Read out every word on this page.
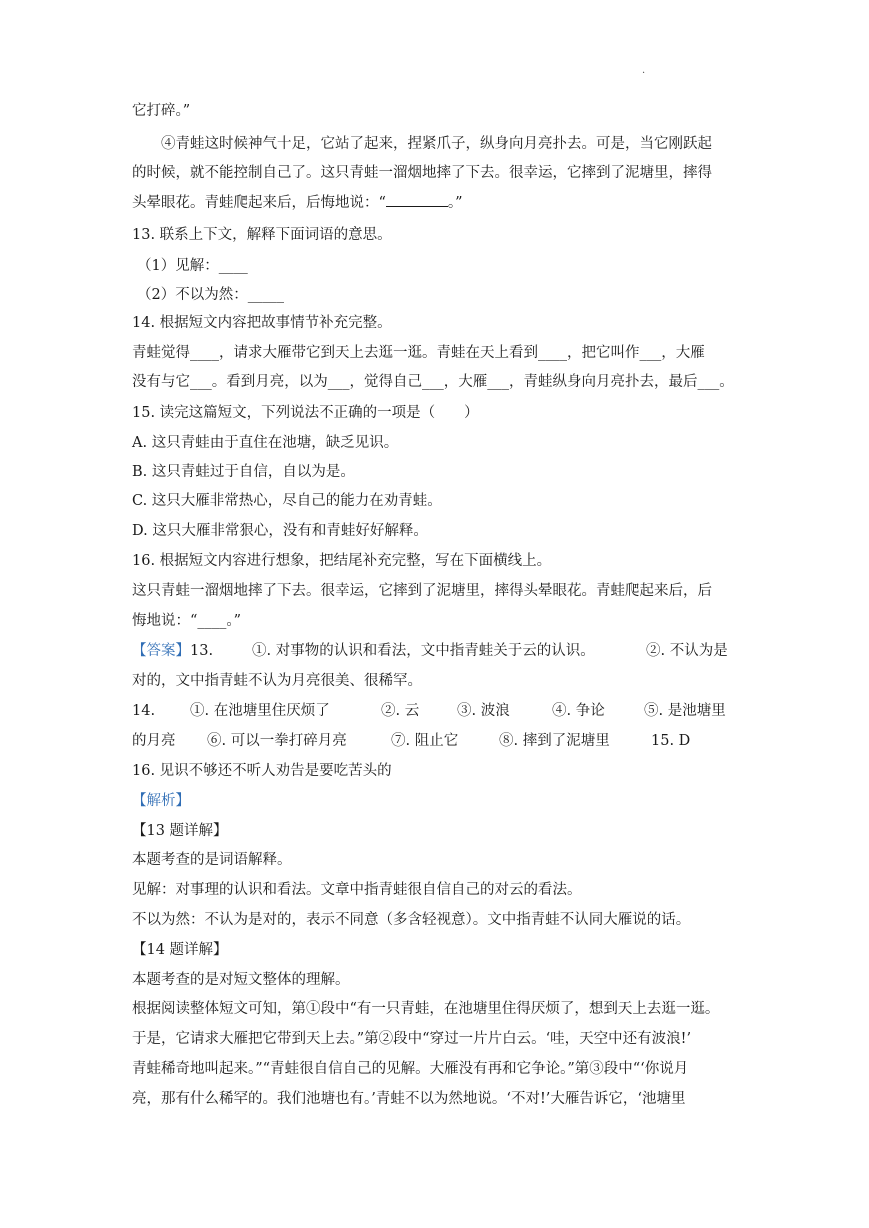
·
它打碎。”
④青蛙这时候神气十足，它站了起来，捏紧爪子，纵身向月亮扑去。可是，当它刚跃起
的时候，就不能控制自己了。这只青蛙一溜烟地摔了下去。很幸运，它摔到了泥塘里，摔得
头晕眼花。青蛙爬起来后，后悔地说：“	。”
13. 联系上下文，解释下面词语的意思。
（1）见解：____
（2）不以为然：_____
14. 根据短文内容把故事情节补充完整。
青蛙觉得____，请求大雁带它到天上去逛一逛。青蛙在天上看到____，把它叫作___，大雁
没有与它___。看到月亮，以为___，觉得自己___，大雁___，青蛙纵身向月亮扑去，最后___。
15. 读完这篇短文，下列说法不正确的一项是（　　）
A. 这只青蛙由于直住在池塘，缺乏见识。
B. 这只青蛙过于自信，自以为是。
C. 这只大雁非常热心，尽自己的能力在劝青蛙。
D. 这只大雁非常狠心，没有和青蛙好好解释。
16. 根据短文内容进行想象，把结尾补充完整，写在下面横线上。
这只青蛙一溜烟地摔了下去。很幸运，它摔到了泥塘里，摔得头晕眼花。青蛙爬起来后，后
悔地说：“____。”
【答案】 13.	①. 对事物的认识和看法，文中指青蛙关于云的认识。	②. 不认为是
对的，文中指青蛙不认为月亮很美、很稀罕。
14. ①. 在池塘里住厌烦了	②. 云	③. 波浪	④. 争论	⑤. 是池塘里
的月亮 ⑥. 可以一拳打碎月亮	⑦. 阻止它	⑧. 摔到了泥塘里	15. D
16. 见识不够还不听人劝告是要吃苦头的
【解析】
【13 题详解】
本题考查的是词语解释。
见解：对事理的认识和看法。文章中指青蛙很自信自己的对云的看法。
不以为然：不认为是对的，表示不同意（多含轻视意）。文中指青蛙不认同大雁说的话。
【14 题详解】
本题考查的是对短文整体的理解。
根据阅读整体短文可知，第①段中“有一只青蛙，在池塘里住得厌烦了，想到天上去逛一逛。
于是，它请求大雁把它带到天上去。”第②段中“穿过一片片白云。‘哇，天空中还有波浪!’
青蛙稀奇地叫起来。”“青蛙很自信自己的见解。大雁没有再和它争论。”第③段中“‘你说月
亮，那有什么稀罕的。我们池塘也有。’青蛙不以为然地说。‘不对!’大雁告诉它，‘池塘里
